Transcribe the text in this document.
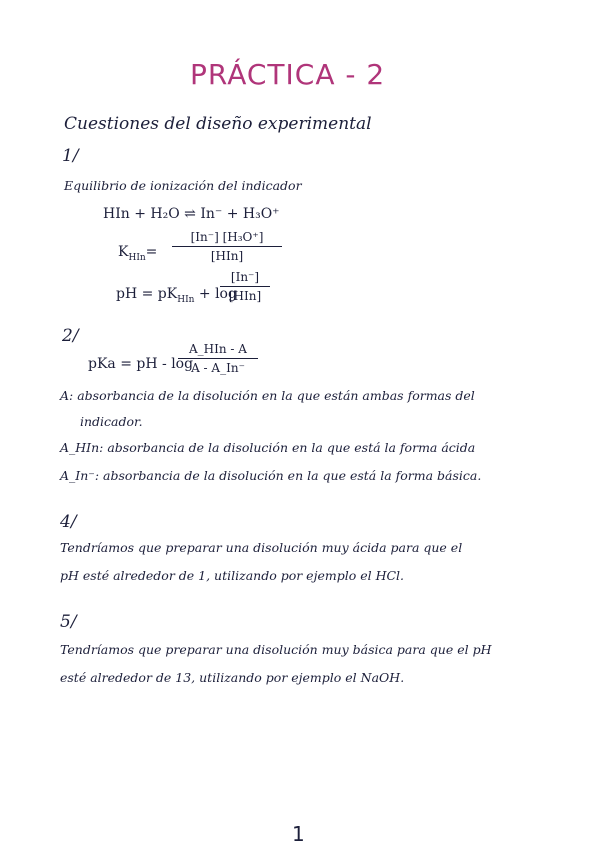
PRÁCTICA - 2
Cuestiones del diseño experimental
1/
Equilibrio de ionización del indicador
HIn + H₂O ⇌ In⁻ + H₃O⁺
$K_{HIn}=$
[In⁻] [H₃O⁺]
[HIn]
pH = $pK_{HIn} + \log$
[In⁻]
[HIn]
2/
pKa = pH - log
A_HIn - A
A - A_In⁻
A: absorbancia de la disolución en la que están ambas formas del
indicador.
A_HIn: absorbancia de la disolución en la que está la forma ácida
A_In⁻: absorbancia de la disolución en la que está la forma básica.
4/
Tendríamos que preparar una disolución muy ácida para que el
pH esté alrededor de 1, utilizando por ejemplo el HCl.
5/
Tendríamos que preparar una disolución muy básica para que el pH
esté alrededor de 13, utilizando por ejemplo el NaOH.
1
